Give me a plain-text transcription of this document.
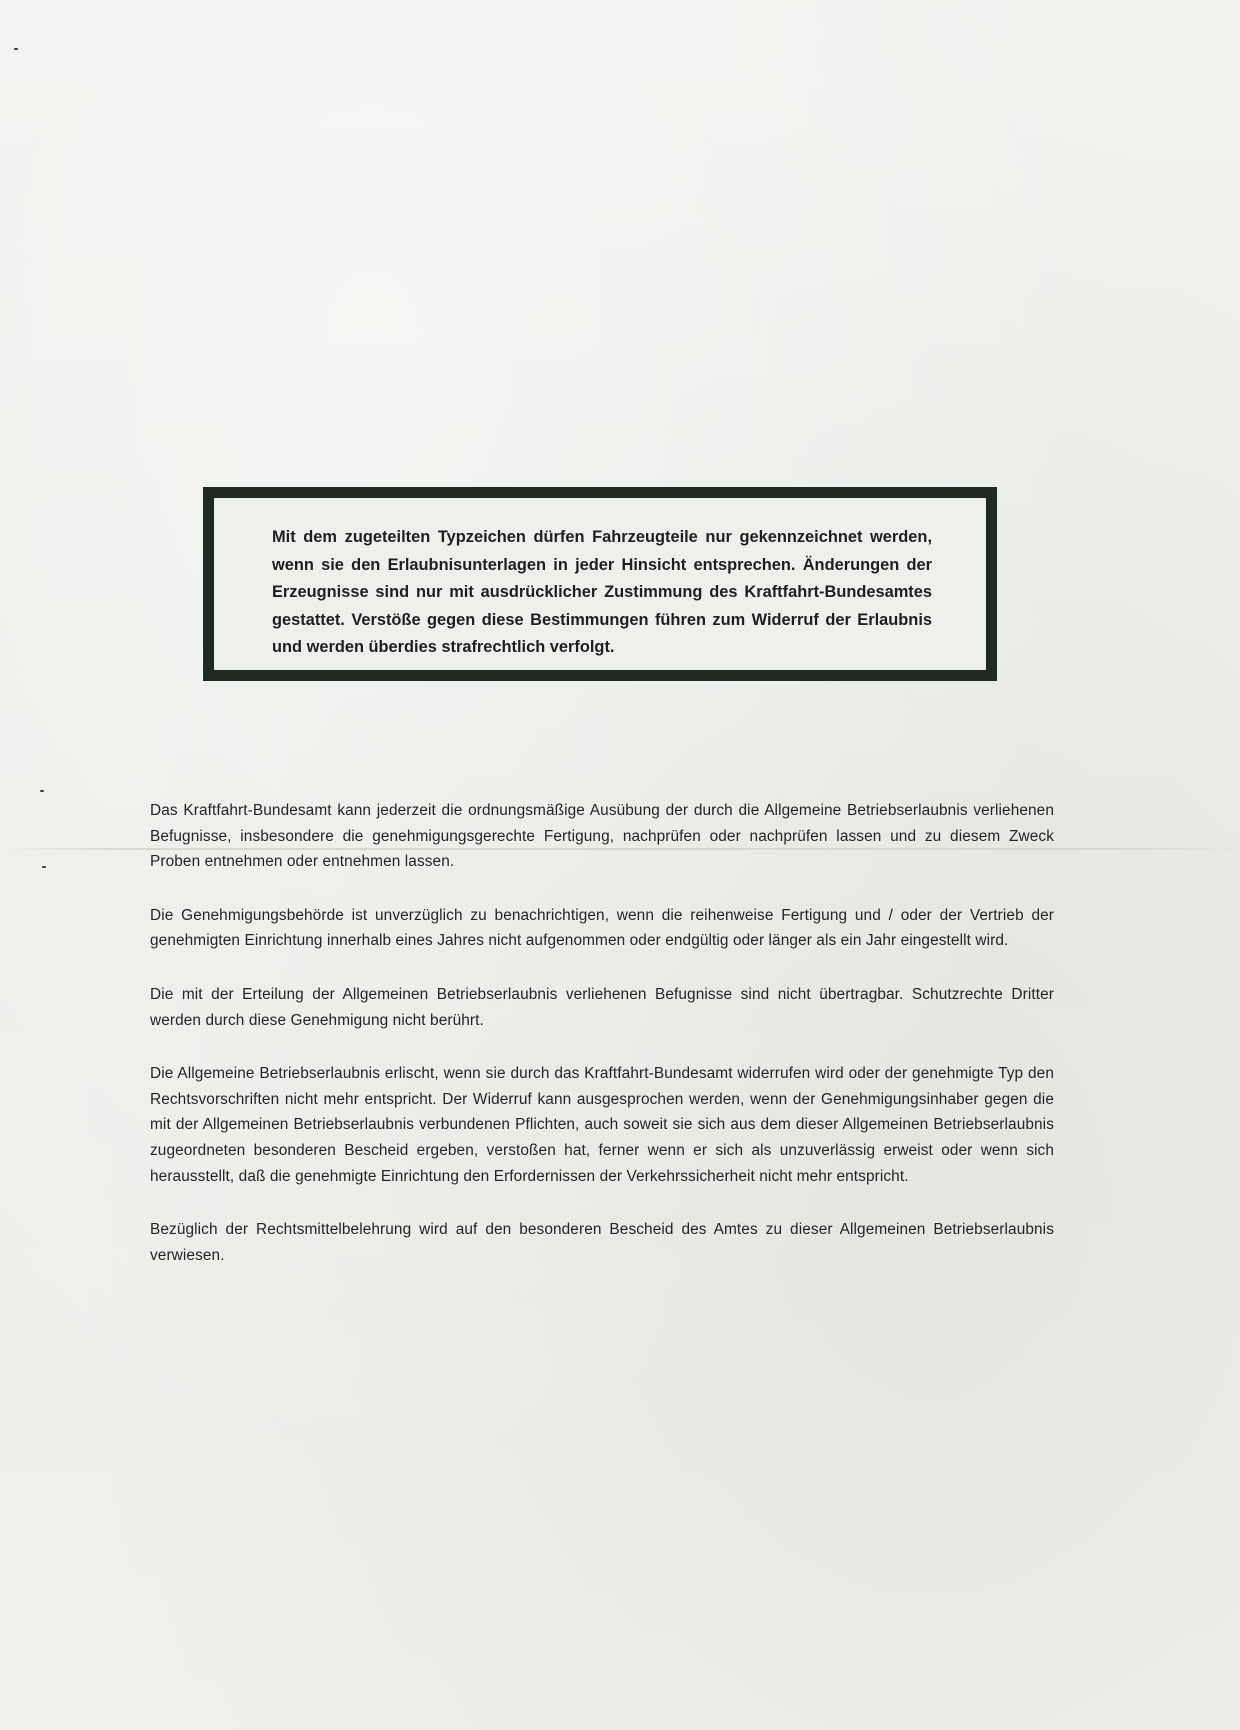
Mit dem zugeteilten Typzeichen dürfen Fahrzeugteile nur gekennzeichnet werden, wenn sie den Erlaubnisunterlagen in jeder Hinsicht entsprechen. Änderungen der Erzeugnisse sind nur mit ausdrücklicher Zustimmung des Kraftfahrt-Bundesamtes gestattet. Verstöße gegen diese Bestimmungen führen zum Widerruf der Erlaubnis und werden überdies strafrechtlich verfolgt.

Das Kraftfahrt-Bundesamt kann jederzeit die ordnungsmäßige Ausübung der durch die Allgemeine Betriebserlaubnis verliehenen Befugnisse, insbesondere die genehmigungsgerechte Fertigung, nachprüfen oder nachprüfen lassen und zu diesem Zweck Proben entnehmen oder entnehmen lassen.

Die Genehmigungsbehörde ist unverzüglich zu benachrichtigen, wenn die reihenweise Fertigung und / oder der Vertrieb der genehmigten Einrichtung innerhalb eines Jahres nicht aufgenommen oder endgültig oder länger als ein Jahr eingestellt wird.

Die mit der Erteilung der Allgemeinen Betriebserlaubnis verliehenen Befugnisse sind nicht übertragbar. Schutzrechte Dritter werden durch diese Genehmigung nicht berührt.

Die Allgemeine Betriebserlaubnis erlischt, wenn sie durch das Kraftfahrt-Bundesamt widerrufen wird oder der genehmigte Typ den Rechtsvorschriften nicht mehr entspricht. Der Widerruf kann ausgesprochen werden, wenn der Genehmigungsinhaber gegen die mit der Allgemeinen Betriebserlaubnis verbundenen Pflichten, auch soweit sie sich aus dem dieser Allgemeinen Betriebserlaubnis zugeordneten besonderen Bescheid ergeben, verstoßen hat, ferner wenn er sich als unzuverlässig erweist oder wenn sich herausstellt, daß die genehmigte Einrichtung den Erfordernissen der Verkehrssicherheit nicht mehr entspricht.

Bezüglich der Rechtsmittelbelehrung wird auf den besonderen Bescheid des Amtes zu dieser Allgemeinen Betriebserlaubnis verwiesen.
